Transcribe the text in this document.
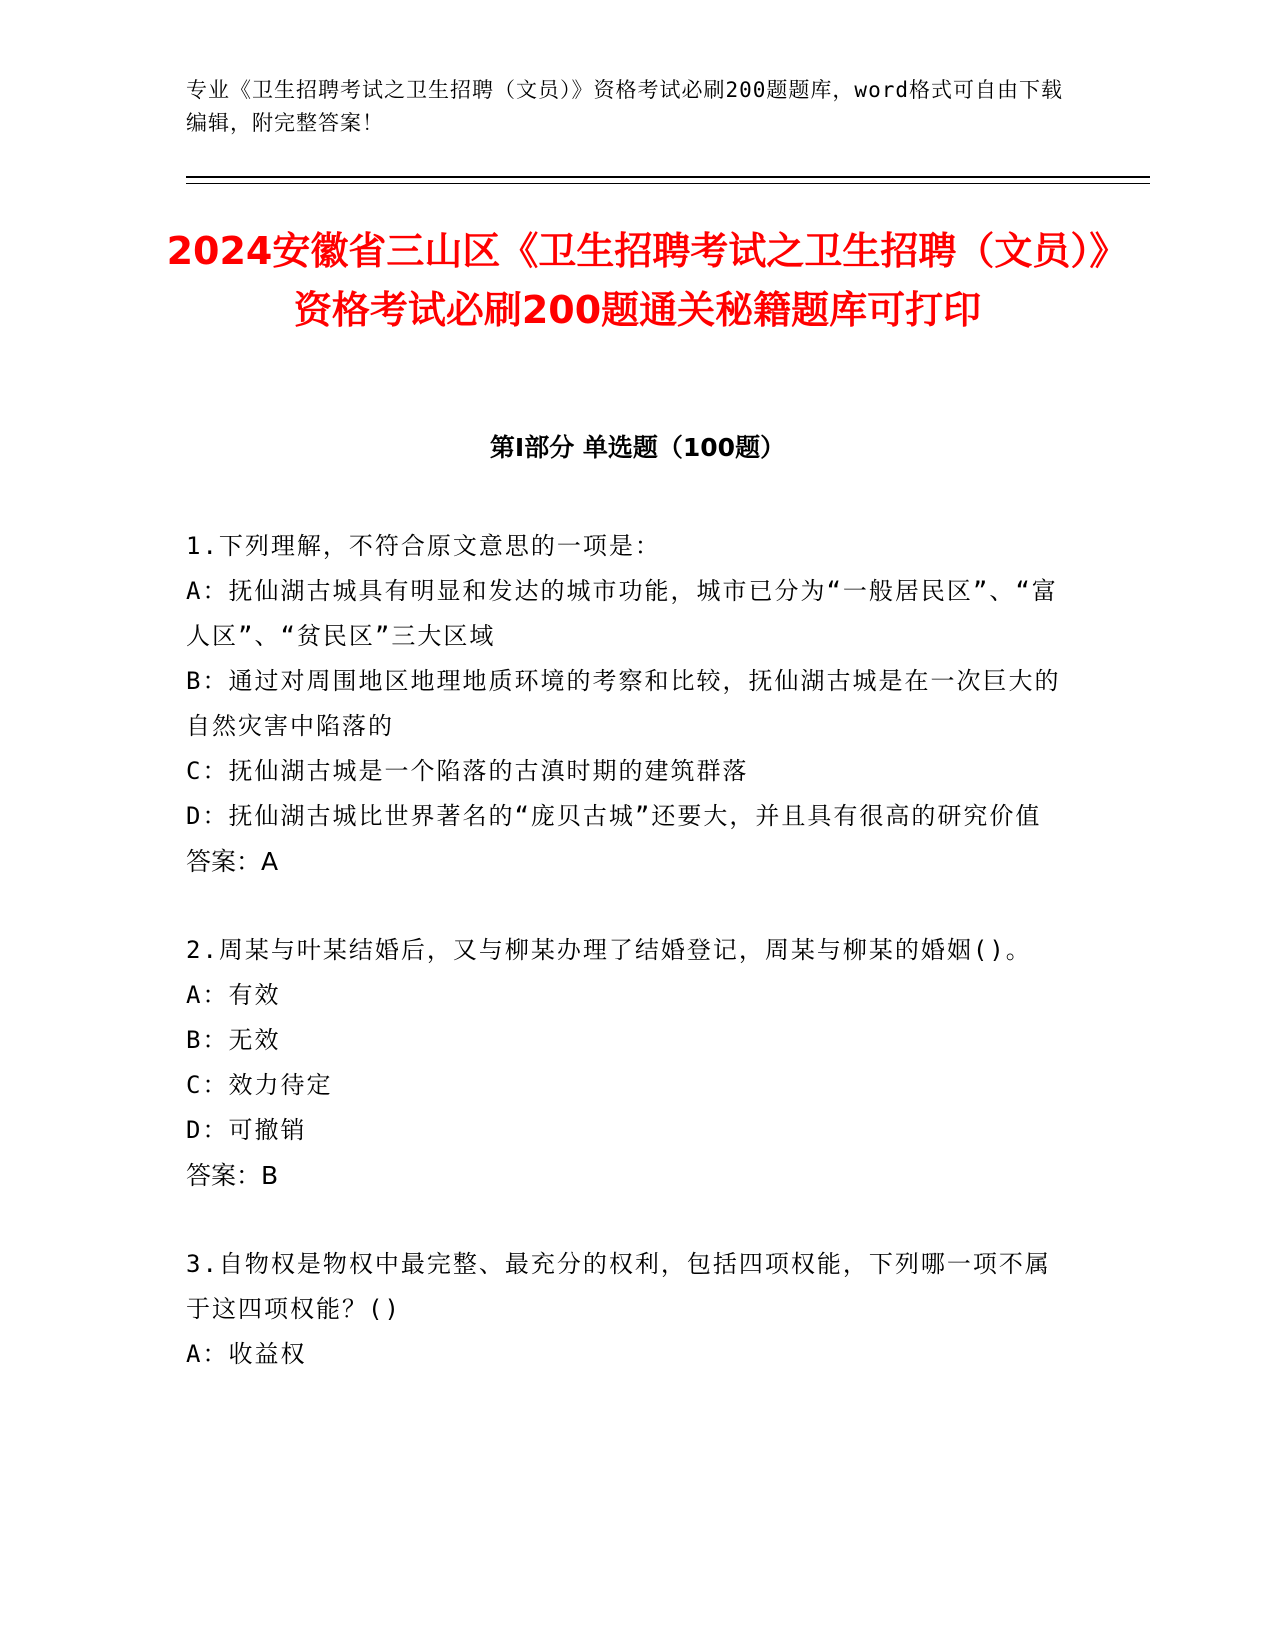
专业《卫生招聘考试之卫生招聘（文员）》资格考试必刷200题题库，word格式可自由下载编辑，附完整答案！
2024安徽省三山区《卫生招聘考试之卫生招聘（文员）》资格考试必刷200题通关秘籍题库可打印
第Ⅰ部分 单选题（100题）
1.下列理解，不符合原文意思的一项是：
A：抚仙湖古城具有明显和发达的城市功能，城市已分为“一般居民区”、“富人区”、“贫民区”三大区域
B：通过对周围地区地理地质环境的考察和比较，抚仙湖古城是在一次巨大的自然灾害中陷落的
C：抚仙湖古城是一个陷落的古滇时期的建筑群落
D：抚仙湖古城比世界著名的“庞贝古城”还要大，并且具有很高的研究价值
答案：A
2.周某与叶某结婚后，又与柳某办理了结婚登记，周某与柳某的婚姻()。
A：有效
B：无效
C：效力待定
D：可撤销
答案：B
3.自物权是物权中最完整、最充分的权利，包括四项权能，下列哪一项不属于这四项权能？()
A：收益权
